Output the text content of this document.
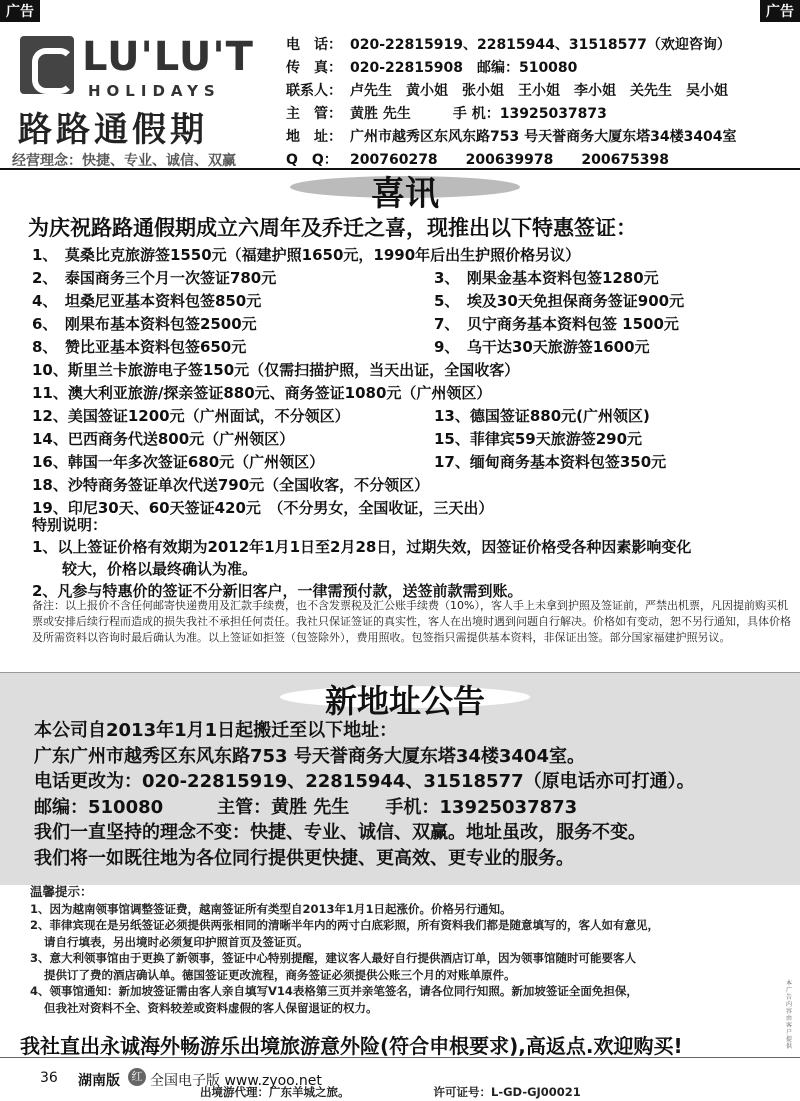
广告	广告
LU'LU'T
HOLIDAYS
路路通假期
经营理念：快捷、专业、诚信、双赢
电　话： 020-22815919、22815944、31518577（欢迎咨询）
传　真： 020-22815908　邮编：510080
联系人： 卢先生　黄小姐　张小姐　王小姐　李小姐　关先生　吴小姐
主　管： 黄胜 先生　　　手 机：13925037873
地　址： 广州市越秀区东风东路753 号天誉商务大厦东塔34楼3404室
Q　Q： 200760278　　200639978　　200675398
喜讯
为庆祝路路通假期成立六周年及乔迁之喜，现推出以下特惠签证：
1、　莫桑比克旅游签1550元（福建护照1650元，1990年后出生护照价格另议）
2、　泰国商务三个月一次签证780元	3、　刚果金基本资料包签1280元
4、　坦桑尼亚基本资料包签850元	5、　埃及30天免担保商务签证900元
6、　刚果布基本资料包签2500元	7、　贝宁商务基本资料包签 1500元
8、　赞比亚基本资料包签650元	9、　乌干达30天旅游签1600元
10、斯里兰卡旅游电子签150元（仅需扫描护照，当天出证，全国收客）
11、澳大利亚旅游/探亲签证880元、商务签证1080元（广州领区）
12、美国签证1200元（广州面试，不分领区）	13、德国签证880元(广州领区)
14、巴西商务代送800元（广州领区）	15、菲律宾59天旅游签290元
16、韩国一年多次签证680元（广州领区）	17、缅甸商务基本资料包签350元
18、沙特商务签证单次代送790元（全国收客，不分领区）
19、印尼30天、60天签证420元　（不分男女，全国收证，三天出）
特别说明：
1、以上签证价格有效期为2012年1月1日至2月28日，过期失效，因签证价格受各种因素影响变化
　　较大，价格以最终确认为准。
2、凡参与特惠价的签证不分新旧客户，一律需预付款，送签前款需到账。
备注：以上报价不含任何邮寄快递费用及汇款手续费，也不含发票税及汇公账手续费（10%），客人手上未拿到护照及签证前，严禁出机票，凡因提前购买机票或安排后续行程而造成的损失我社不承担任何责任。我社只保证签证的真实性，客人在出境时遇到问题自行解决。价格如有变动，恕不另行通知，具体价格及所需资料以咨询时最后确认为准。以上签证如拒签（包签除外），费用照收。包签指只需提供基本资料，非保证出签。部分国家福建护照另议。
新地址公告
本公司自2013年1月1日起搬迁至以下地址：
广东广州市越秀区东风东路753 号天誉商务大厦东塔34楼3404室。
电话更改为：020-22815919、22815944、31518577（原电话亦可打通）。
邮编：510080　　　主管：黄胜 先生　　手机：13925037873
我们一直坚持的理念不变：快捷、专业、诚信、双赢。地址虽改，服务不变。
我们将一如既往地为各位同行提供更快捷、更高效、更专业的服务。
温馨提示：
1、因为越南领事馆调整签证费，越南签证所有类型自2013年1月1日起涨价。价格另行通知。
2、菲律宾现在是另纸签证必须提供两张相同的清晰半年内的两寸白底彩照，所有资料我们都是随意填写的，客人如有意见，
请自行填表，另出境时必须复印护照首页及签证页。
3、意大利领事馆由于更换了新领事，签证中心特别提醒，建议客人最好自行提供酒店订单，因为领事馆随时可能要客人
提供订了费的酒店确认单。德国签证更改流程，商务签证必须提供公账三个月的对账单原件。
4、领事馆通知：新加坡签证需由客人亲自填写V14表格第三页并亲笔签名，请各位同行知照。新加坡签证全面免担保，
但我社对资料不全、资料较差或资料虚假的客人保留退证的权力。
出境游代理：广东羊城之旅。	许可证号：L-GD-GJ00021
我社直出永诚海外畅游乐出境旅游意外险(符合申根要求),高返点.欢迎购买!
本广告内容由客户提供
36 湖南版	红 全国电子版 www.zyoo.net
